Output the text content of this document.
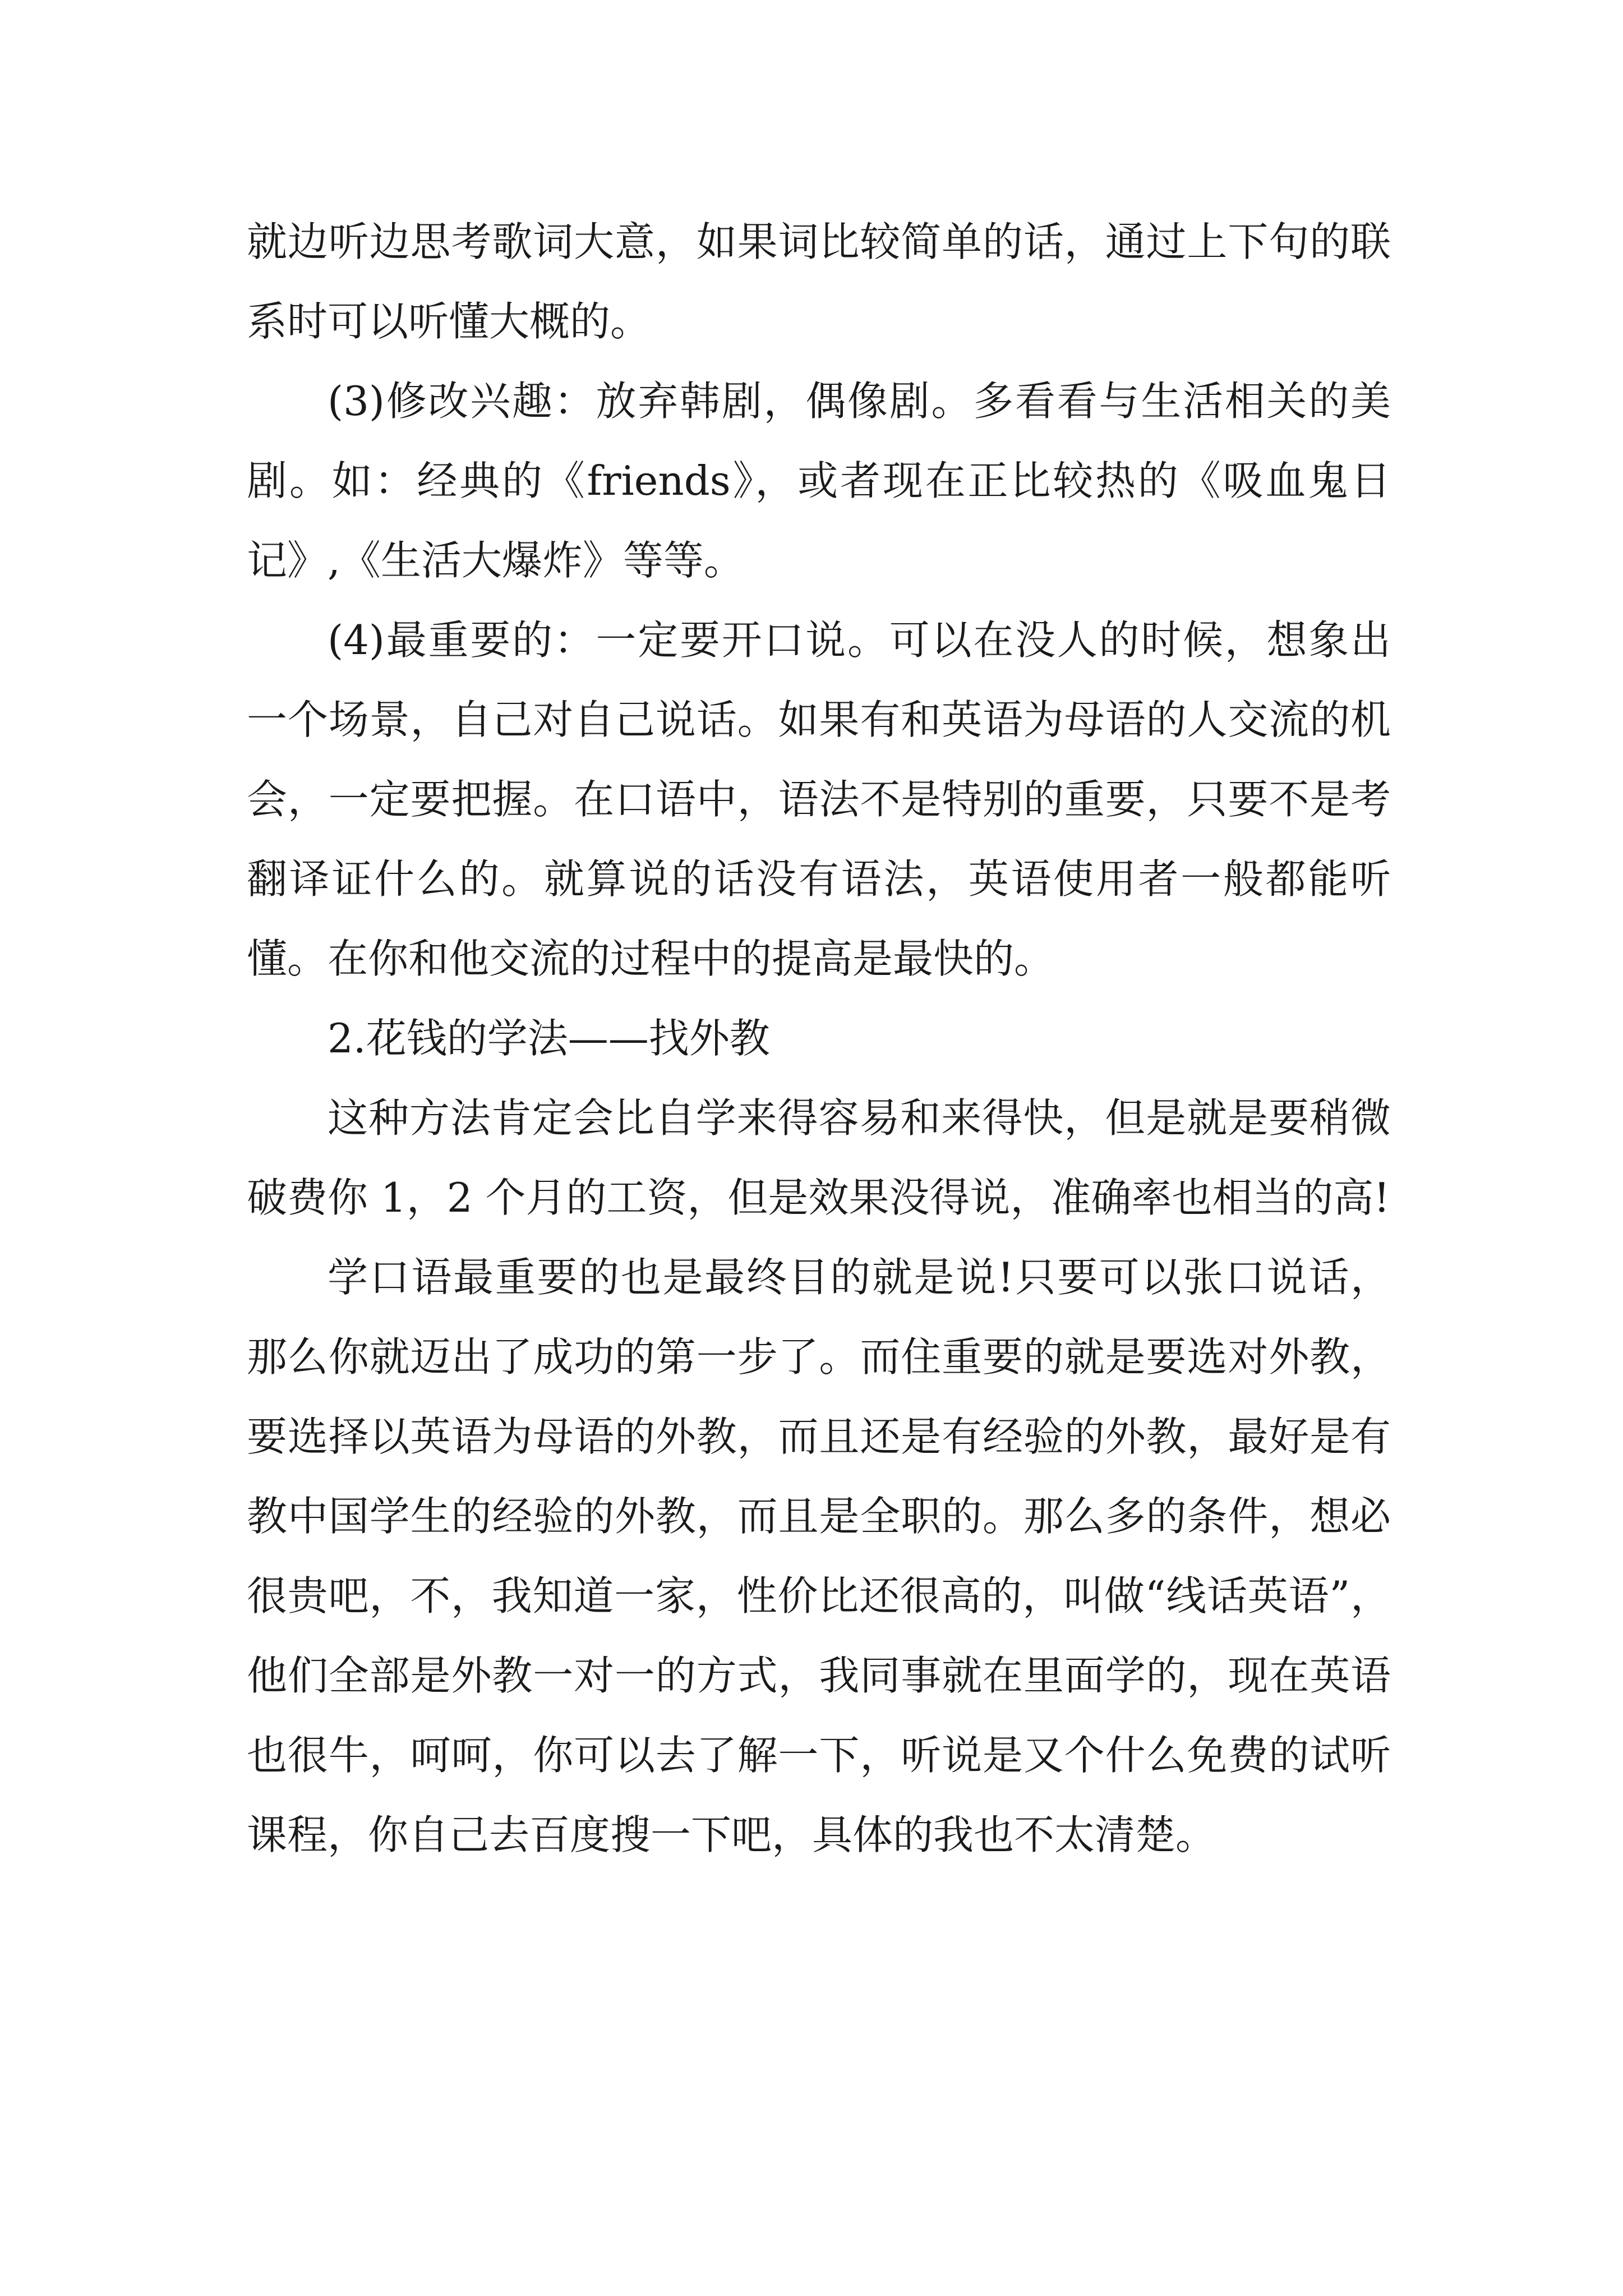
就边听边思考歌词大意，如果词比较简单的话，通过上下句的联系时可以听懂大概的。

(3)修改兴趣：放弃韩剧，偶像剧。多看看与生活相关的美剧。如：经典的《friends》，或者现在正比较热的《吸血鬼日记》,《生活大爆炸》等等。

(4)最重要的：一定要开口说。可以在没人的时候，想象出一个场景，自己对自己说话。如果有和英语为母语的人交流的机会，一定要把握。在口语中，语法不是特别的重要，只要不是考翻译证什么的。就算说的话没有语法，英语使用者一般都能听懂。在你和他交流的过程中的提高是最快的。

2.花钱的学法——找外教

这种方法肯定会比自学来得容易和来得快，但是就是要稍微破费你 1，2 个月的工资，但是效果没得说，准确率也相当的高!

学口语最重要的也是最终目的就是说!只要可以张口说话，那么你就迈出了成功的第一步了。而住重要的就是要选对外教，要选择以英语为母语的外教，而且还是有经验的外教，最好是有教中国学生的经验的外教，而且是全职的。那么多的条件，想必很贵吧，不，我知道一家，性价比还很高的，叫做“线话英语”，他们全部是外教一对一的方式，我同事就在里面学的，现在英语也很牛，呵呵，你可以去了解一下，听说是又个什么免费的试听课程，你自己去百度搜一下吧，具体的我也不太清楚。
